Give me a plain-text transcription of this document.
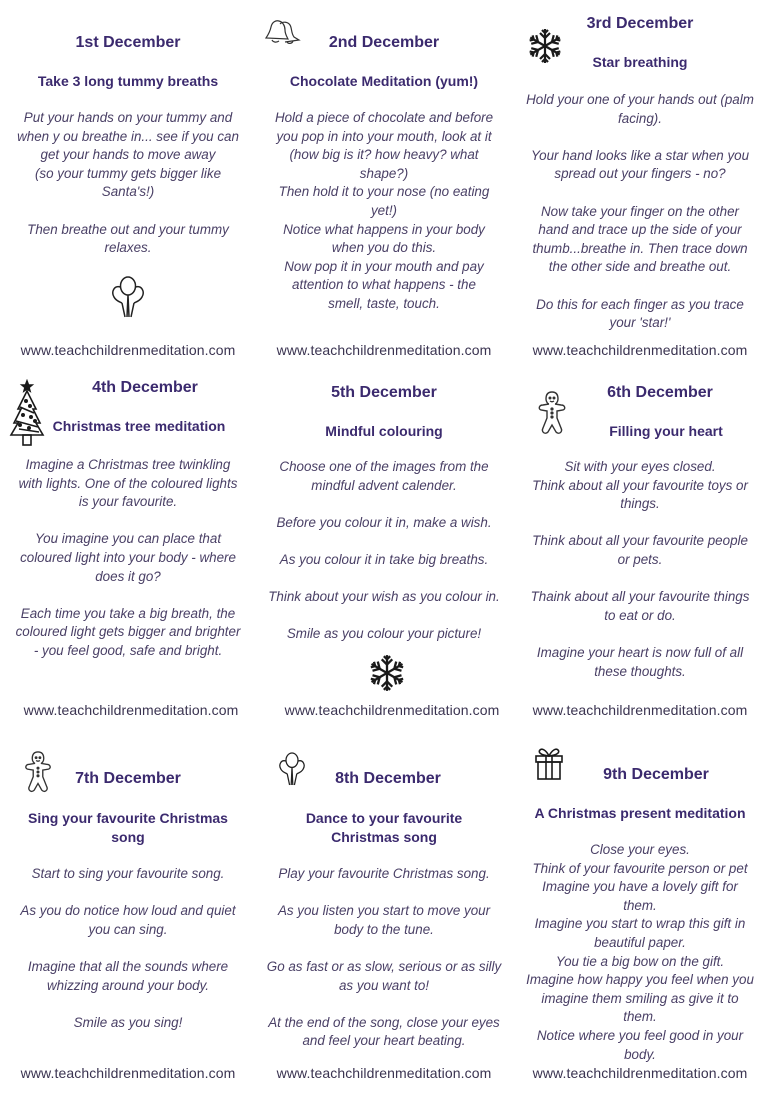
1st December
Take 3 long tummy breaths

Put your hands on your tummy and

when y ou breathe in... see if you can

get your hands to move away

(so your tummy gets bigger like

Santa's!)

Then breathe out and your tummy

relaxes.

www.teachchildrenmeditation.com
2nd December
Chocolate Meditation (yum!)

Hold a piece of chocolate and before

you pop in into your mouth, look at it

(how big is it? how heavy? what

shape?)

Then hold it to your nose (no eating

yet!)

Notice what happens in your body

when you do this.

Now pop it in your mouth and pay

attention to what happens - the

smell, taste, touch.

www.teachchildrenmeditation.com
3rd December
Star breathing

Hold your one of your hands out (palm

facing).

Your hand looks like a star when you

spread out your fingers - no?

Now take your finger on the other

hand and trace up the side of your

thumb...breathe in. Then trace down

the other side and breathe out.

Do this for each finger as you trace

your 'star!'

www.teachchildrenmeditation.com
4th December
Christmas tree meditation

Imagine a Christmas tree twinkling

with lights. One of the coloured lights

is your favourite.

You imagine you can place that

coloured light into your body - where

does it go?

Each time you take a big breath, the

coloured light gets bigger and brighter

- you feel good, safe and bright.

www.teachchildrenmeditation.com
5th December
Mindful colouring

Choose one of the images from the

mindful advent calender.

Before you colour it in, make a wish.

As you colour it in take big breaths.

Think about your wish as you colour in.

Smile as you colour your picture!

www.teachchildrenmeditation.com
6th December
Filling your heart

Sit with your eyes closed.

Think about all your favourite toys or

things.

Think about all your favourite people

or pets.

Thaink about all your favourite things

to eat or do.

Imagine your heart is now full of all

these thoughts.

www.teachchildrenmeditation.com
7th December
Sing your favourite Christmas
song

Start to sing your favourite song.

As you do notice how loud and quiet

you can sing.

Imagine that all the sounds where

whizzing around your body.

Smile as you sing!

www.teachchildrenmeditation.com
8th December
Dance to your favourite
Christmas song

Play your favourite Christmas song.

As you listen you start to move your

body to the tune.

Go as fast or as slow, serious or as silly

as you want to!

At the end of the song, close your eyes

and feel your heart beating.

www.teachchildrenmeditation.com
9th December
A Christmas present meditation

Close your eyes.

Think of your favourite person or pet

Imagine you have a lovely gift for

them.

Imagine you start to wrap this gift in

beautiful paper.

You tie a big bow on the gift.

Imagine how happy you feel when you

imagine them smiling as give it to

them.

Notice where you feel good in your

body.

www.teachchildrenmeditation.com
